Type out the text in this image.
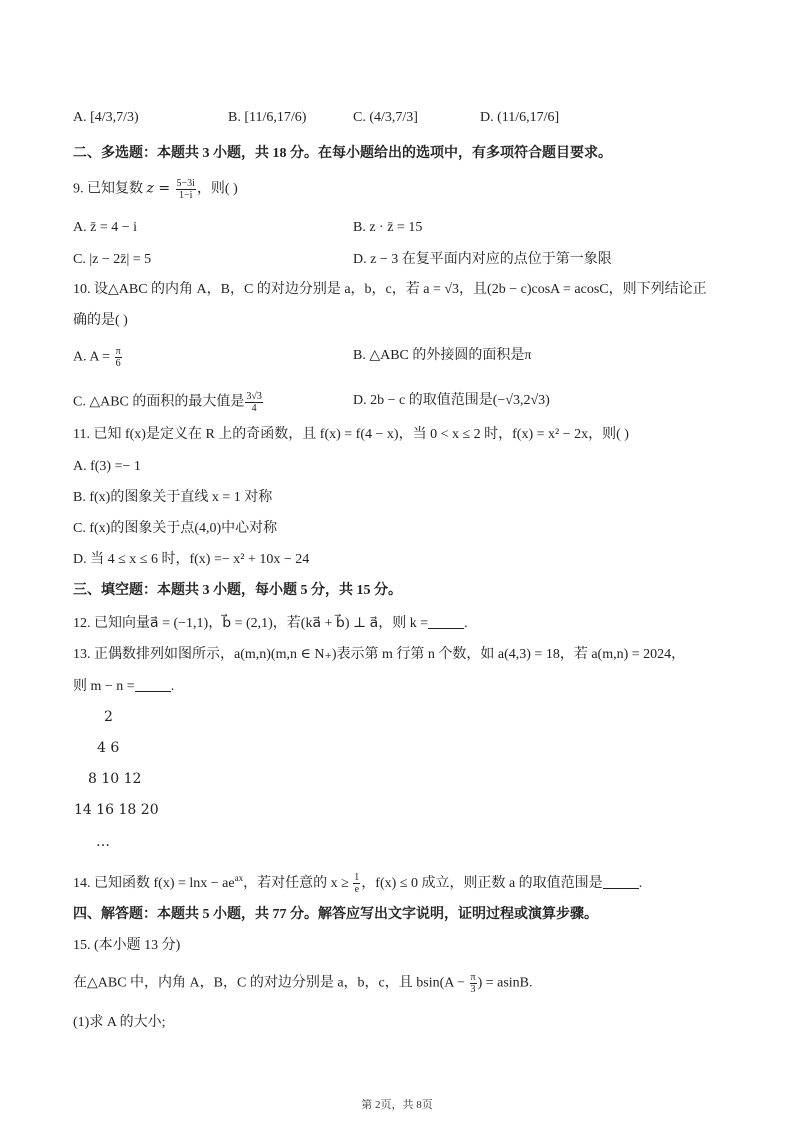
A. [4/3,7/3)	B. [11/6,17/6)	C. (4/3,7/3]	D. (11/6,17/6]
二、多选题：本题共 3 小题，共 18 分。在每小题给出的选项中，有多项符合题目要求。
9. 已知复数 $z = \frac{5-3i}{1-i}$ ，则( )
A. z̄ = 4 − i	B. z · z̄ = 15
C. |z − 2z̄| = 5	D. z − 3 在复平面内对应的点位于第一象限
10. 设△ABC 的内角 A，B，C 的对边分别是 a，b，c，若 a = √3，且(2b − c)cosA = acosC，则下列结论正
确的是( )
A. $A = \frac{\pi}{6}$	B. △ABC 的外接圆的面积是π
C. △ABC 的面积的最大值是 $\frac{3√3}{4}$	D. 2b − c 的取值范围是(−√3,2√3)
11. 已知 f(x)是定义在 R 上的奇函数，且 f(x) = f(4 − x)，当 0 < x ≤ 2 时，f(x) = x² − 2x，则( )
A. f(3) =− 1
B. f(x)的图象关于直线 x = 1 对称
C. f(x)的图象关于点(4,0)中心对称
D. 当 4 ≤ x ≤ 6 时，f(x) =− x² + 10x − 24
三、填空题：本题共 3 小题，每小题 5 分，共 15 分。
12. 已知向量a⃗ = (−1,1)，b⃗ = (2,1)，若(ka⃗ + b⃗) ⊥ a⃗，则 k =	.
13. 正偶数排列如图所示，a(m,n)(m,n ∈ N₊)表示第 m 行第 n 个数，如 a(4,3) = 18，若 a(m,n) = 2024，
则 m − n =	.
2
4 6
8 10 12
14 16 18 20
…
14. 已知函数 $f(x) = \ln x - ae^{ax}$，若对任意的 $x \ge \frac{1}{e}$ ，f(x) ≤ 0 成立，则正数 a 的取值范围是	.
四、解答题：本题共 5 小题，共 77 分。解答应写出文字说明，证明过程或演算步骤。
15. (本小题 13 分)
在△ABC 中，内角 A，B，C 的对边分别是 a，b，c，且 $bsin(A - \frac{\pi}{3}$ ) = asinB.
(1)求 A 的大小;
第 2页，共 8页
